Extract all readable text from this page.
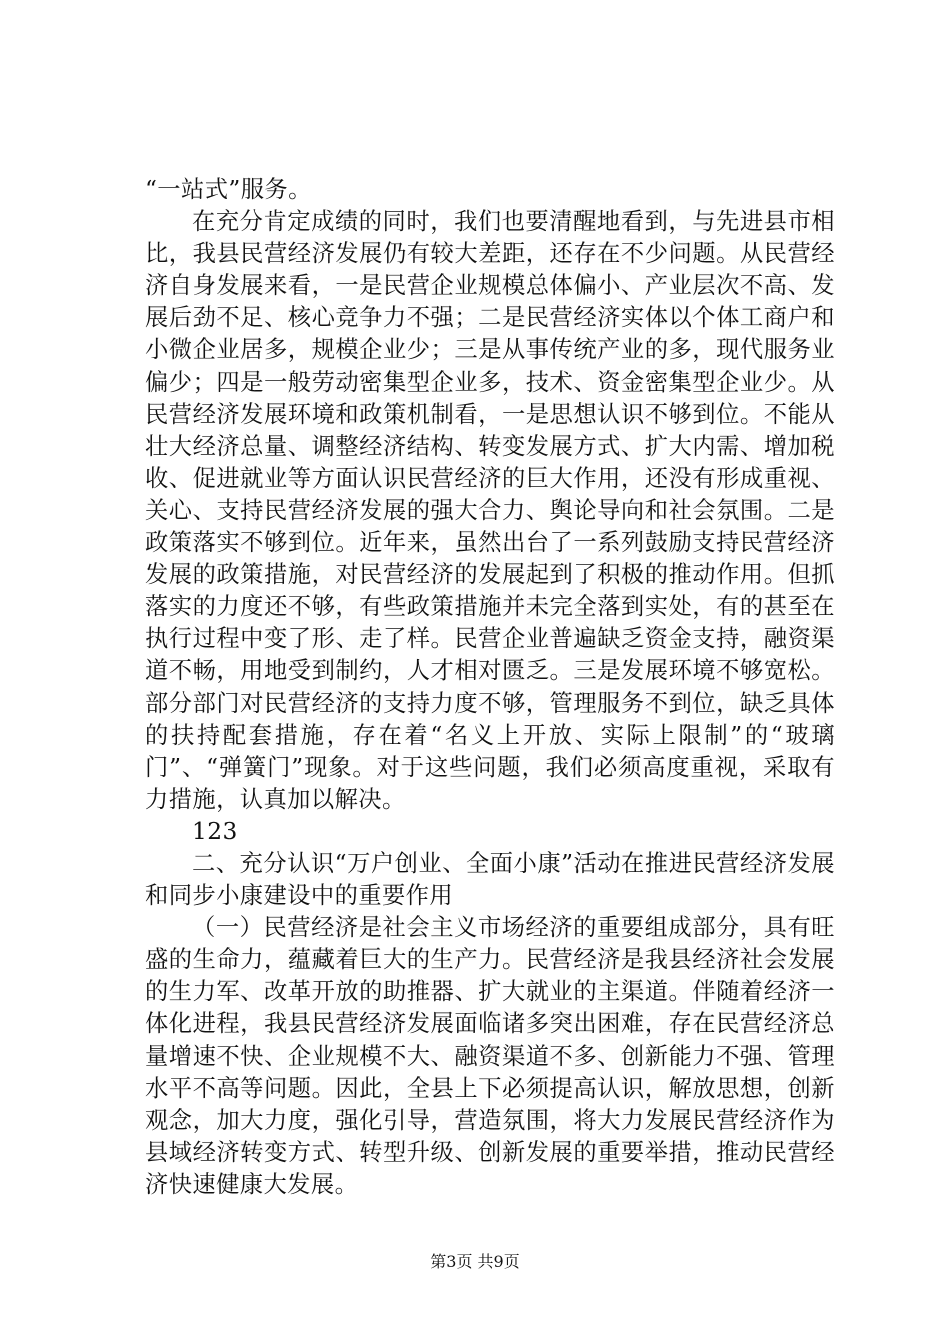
“一站式”服务。

在充分肯定成绩的同时，我们也要清醒地看到，与先进县市相比，我县民营经济发展仍有较大差距，还存在不少问题。从民营经济自身发展来看，一是民营企业规模总体偏小、产业层次不高、发展后劲不足、核心竞争力不强；二是民营经济实体以个体工商户和小微企业居多，规模企业少；三是从事传统产业的多，现代服务业偏少；四是一般劳动密集型企业多，技术、资金密集型企业少。从民营经济发展环境和政策机制看，一是思想认识不够到位。不能从壮大经济总量、调整经济结构、转变发展方式、扩大内需、增加税收、促进就业等方面认识民营经济的巨大作用，还没有形成重视、关心、支持民营经济发展的强大合力、舆论导向和社会氛围。二是政策落实不够到位。近年来，虽然出台了一系列鼓励支持民营经济发展的政策措施，对民营经济的发展起到了积极的推动作用。但抓落实的力度还不够，有些政策措施并未完全落到实处，有的甚至在执行过程中变了形、走了样。民营企业普遍缺乏资金支持，融资渠道不畅，用地受到制约，人才相对匮乏。三是发展环境不够宽松。部分部门对民营经济的支持力度不够，管理服务不到位，缺乏具体的扶持配套措施，存在着“名义上开放、实际上限制”的“玻璃门”、“弹簧门”现象。对于这些问题，我们必须高度重视，采取有力措施，认真加以解决。

123

二、充分认识“万户创业、全面小康”活动在推进民营经济发展和同步小康建设中的重要作用

（一）民营经济是社会主义市场经济的重要组成部分，具有旺盛的生命力，蕴藏着巨大的生产力。民营经济是我县经济社会发展的生力军、改革开放的助推器、扩大就业的主渠道。伴随着经济一体化进程，我县民营经济发展面临诸多突出困难，存在民营经济总量增速不快、企业规模不大、融资渠道不多、创新能力不强、管理水平不高等问题。因此，全县上下必须提高认识，解放思想，创新观念，加大力度，强化引导，营造氛围，将大力发展民营经济作为县域经济转变方式、转型升级、创新发展的重要举措，推动民营经济快速健康大发展。

第3页 共9页
